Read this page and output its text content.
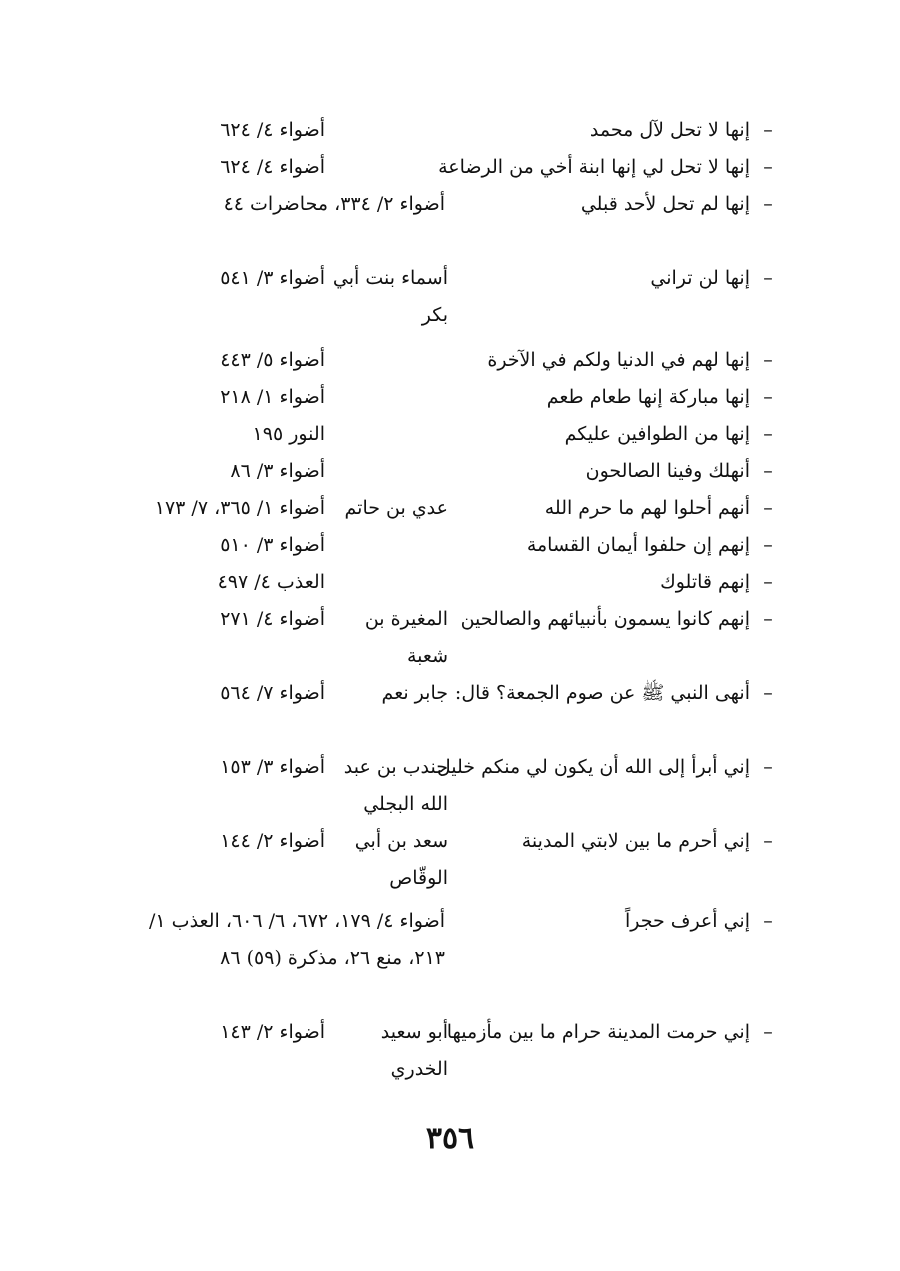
–
إنها لا تحل لآل محمد
أضواء ٤/ ٦٢٤
–
إنها لا تحل لي إنها ابنة أخي من الرضاعة
أضواء ٤/ ٦٢٤
–
إنها لم تحل لأحد قبلي
أضواء ٢/ ٣٣٤، محاضرات ٤٤
–
إنها لن تراني
أسماء بنت أبي بكر
أضواء ٣/ ٥٤١
–
إنها لهم في الدنيا ولكم في الآخرة
أضواء ٥/ ٤٤٣
–
إنها مباركة إنها طعام طعم
أضواء ١/ ٢١٨
–
إنها من الطوافين عليكم
النور ١٩٥
–
أنهلك وفينا الصالحون
أضواء ٣/ ٨٦
–
أنهم أحلوا لهم ما حرم الله
عدي بن حاتم
أضواء ١/ ٣٦٥، ٧/ ١٧٣
–
إنهم إن حلفوا أيمان القسامة
أضواء ٣/ ٥١٠
–
إنهم قاتلوك
العذب ٤/ ٤٩٧
–
إنهم كانوا يسمون بأنبيائهم والصالحين
المغيرة بن شعبة
أضواء ٤/ ٢٧١
–
أنهى النبي ﷺ عن صوم الجمعة؟ قال:
جابر نعم
أضواء ٧/ ٥٦٤
–
إني أبرأ إلى الله أن يكون لي منكم خليل
جندب بن عبد الله البجلي
أضواء ٣/ ١٥٣
–
إني أحرم ما بين لابتي المدينة
سعد بن أبي الوقّاص
أضواء ٢/ ١٤٤
–
إني أعرف حجراً
أضواء ٤/ ١٧٩، ٦٧٢، ٦/ ٦٠٦، العذب ١/ ٢١٣، منع ٢٦، مذكرة (٥٩) ٨٦
–
إني حرمت المدينة حرام ما بين مأزميها
أبو سعيد الخدري
أضواء ٢/ ١٤٣
٣٥٦
